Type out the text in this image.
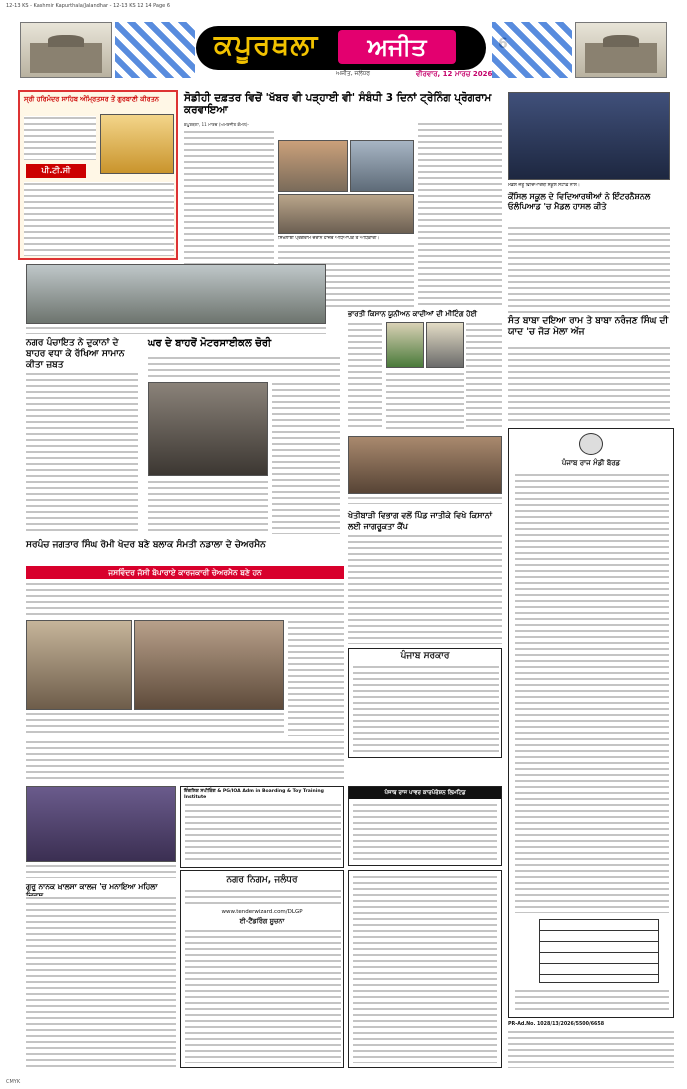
12-13 KS - Kashmir Kapurthala/Jalandhar - 12-13 KS 12 14 Page 6
ਕਪੂਰਥਲਾ	ਅਜੀਤ
ਅਜੀਤ, ਜਲੰਧਰ	ਵੀਰਵਾਰ, 12 ਮਾਰਚ 2026
ਸ੍ਰੀ ਹਰਿਮੰਦਰ ਸਾਹਿਬ ਅੰਮ੍ਰਿਤਸਰ ਤੋਂ ਗੁਰਬਾਣੀ ਕੀਰਤਨ
ਪੀ.ਟੀ.ਸੀ
ਸੋਡੀਹੀ ਦਫ਼ਤਰ ਵਿਚੋਂ 'ਖੱਬਰ ਵੀ ਪੜ੍ਹਾਈ ਵੀ' ਸੰਬੰਧੀ 3 ਦਿਨਾਂ ਟ੍ਰੇਨਿੰਗ ਪ੍ਰੋਗਰਾਮ ਕਰਵਾਇਆ
ਕਪੂਰਥਲਾ, 11 ਮਾਰਚ (ਅਮਰਜੀਤ ਕੋਮਲ)-
ਸਿਖਲਾਈ ਪ੍ਰੋਗਰਾਮ ਦੌਰਾਨ ਹਾਜ਼ਰ ਅਧਿਆਪਕ ਤੇ ਅਧਿਕਾਰੀ।
ਮੈਡਲ ਜੇਤੂ ਵਿਦਿਆਰਥੀ ਸਕੂਲ ਸਟਾਫ਼ ਨਾਲ।
ਕੌਂਸਿਲ ਸਕੂਲ ਦੇ ਵਿਦਿਆਰਥੀਆਂ ਨੇ ਇੰਟਰਨੈਸ਼ਨਲ ਓਲੰਪਿਆਡ 'ਚ ਮੈਡਲ ਹਾਸਲ ਕੀਤੇ
ਨਗਰ ਪੰਚਾਇਤ ਨੇ ਦੁਕਾਨਾਂ ਦੇ ਬਾਹਰ ਵਧਾ ਕੇ ਰੱਖਿਆ ਸਾਮਾਨ ਕੀਤਾ ਜ਼ਬਤ
ਘਰ ਦੇ ਬਾਹਰੋਂ ਮੋਟਰਸਾਈਕਲ ਚੋਰੀ
ਭਾਰਤੀ ਕਿਸਾਨ ਯੂਨੀਅਨ ਕਾਦੀਆਂ ਦੀ ਮੀਟਿੰਗ ਹੋਈ
ਸੰਤ ਬਾਬਾ ਦਇਆ ਰਾਮ ਤੇ ਬਾਬਾ ਨਰੰਜਣ ਸਿੰਘ ਦੀ ਯਾਦ 'ਚ ਜੋੜ ਮੇਲਾ ਅੱਜ
ਪੰਜਾਬ ਰਾਜ ਮੰਡੀ ਬੋਰਡ
ਸਰਪੰਚ ਜਗਤਾਰ ਸਿੰਘ ਰੋਮੀ ਖੋਦਰ ਬਣੇ ਬਲਾਕ ਸੰਮਤੀ ਨਡਾਲਾ ਦੇ ਚੇਅਰਮੈਨ
ਜਸਵਿੰਦਰ ਜੱਸੀ ਬੋਪਾਰਾਏ ਕਾਰਜਕਾਰੀ ਚੇਅਰਮੈਨ ਬਣੇ ਹਨ
ਖੇਤੀਬਾੜੀ ਵਿਭਾਗ ਵਲੋਂ ਪਿੰਡ ਜਾਤੀਕੇ ਵਿਖੇ ਕਿਸਾਨਾਂ ਲਈ ਜਾਗਰੂਕਤਾ ਕੈਂਪ
ਪੰਜਾਬ ਸਰਕਾਰ
ਗੁਰੂ ਨਾਨਕ ਖ਼ਾਲਸਾ ਕਾਲਜ 'ਚ ਮਨਾਇਆ ਮਹਿਲਾ
ਇੰਗਲਿਸ਼ ਸਪੀਕਿੰਗ & PG/IOA Adm in Boarding & Toy Training Institute
ਨਗਰ ਨਿਗਮ, ਜਲੰਧਰ
www.tenderwizard.com/DLGP
ਈ-ਟੈਂਡਰਿੰਗ ਸੂਚਨਾ
ਪੰਜਾਬ ਰਾਜ ਪਾਵਰ ਕਾਰਪੋਰੇਸ਼ਨ ਲਿਮਟਿਡ
PR-Ad.No. 1028/13/2026/5500/6658
CMYK
